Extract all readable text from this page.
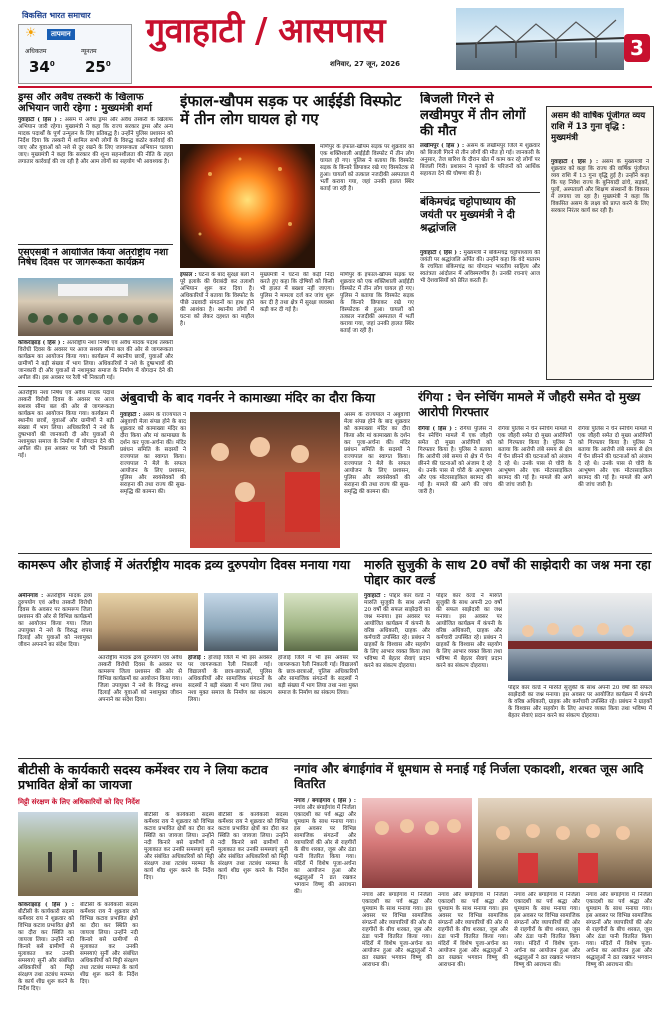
विकसित भारत समाचार
☀	तापमान
अधिकतम	न्यूनतम
$34^0$ $25^0$
गुवाहाटी / आसपास
शनिवार, 27 जून, 2026
3
ड्रग्स और अवैध तस्करी के खिलाफ अभियान जारी रहेगा : मुख्यमंत्री शर्मा
गुवाहाटी ( हिंस ) : असम में अवैध ड्रग्स और अवैध तस्करी के खिलाफ अभियान जारी रहेगा। मुख्यमंत्री ने कहा कि राज्य सरकार ड्रग्स और अन्य मादक पदार्थों के पूर्ण उन्मूलन के लिए प्रतिबद्ध है। उन्होंने पुलिस प्रशासन को निर्देश दिया कि तस्करी में शामिल सभी लोगों के विरुद्ध कठोर कार्रवाई की जाए और युवाओं को नशे से दूर रखने के लिए जागरूकता अभियान चलाया जाए। मुख्यमंत्री ने कहा कि सरकार की शून्य सहनशीलता की नीति के तहत लगातार कार्रवाई की जा रही है और आम लोगों का सहयोग भी आवश्यक है।
एसएसबी ने आयोजित किया अंतर्राष्ट्रीय नशा निषेध दिवस पर जागरूकता कार्यक्रम
कोकराझाड़ ( हिंस ) : अंतर्राष्ट्रीय नशा निषेध एवं अवैध मादक पदार्थ तस्करी विरोधी दिवस के अवसर पर आज सशस्त्र सीमा बल की ओर से जागरूकता कार्यक्रम का आयोजन किया गया। कार्यक्रम में स्थानीय छात्रों, युवाओं और ग्रामीणों ने बड़ी संख्या में भाग लिया। अधिकारियों ने नशे के दुष्प्रभावों की जानकारी दी और युवाओं से नशामुक्त समाज के निर्माण में योगदान देने की अपील की। इस अवसर पर रैली भी निकाली गई।
इंफाल-खौपम सड़क पर आईईडी विस्फोट में तीन लोग घायल हो गए
मणिपुर के इंफाल-खौपम सड़क पर शुक्रवार को एक शक्तिशाली आईईडी विस्फोट में तीन लोग घायल हो गए। पुलिस ने बताया कि विस्फोट सड़क के किनारे छिपाकर रखे गए विस्फोटक से हुआ। घायलों को तत्काल नजदीकी अस्पताल में भर्ती कराया गया, जहां उनकी हालत स्थिर बताई जा रही है।
इंफाल : घटना के बाद सुरक्षा बलों ने पूरे इलाके की घेराबंदी कर तलाशी अभियान शुरू कर दिया है। अधिकारियों ने बताया कि विस्फोट के पीछे उग्रवादी संगठनों का हाथ होने की आशंका है। स्थानीय लोगों में घटना को लेकर दहशत का माहौल है।
मुख्यमंत्री ने घटना की कड़ी निंदा करते हुए कहा कि दोषियों को किसी भी हालत में बख्शा नहीं जाएगा। पुलिस ने मामला दर्ज कर जांच शुरू कर दी है तथा क्षेत्र में सुरक्षा व्यवस्था कड़ी कर दी गई है।
मणिपुर के इंफाल-खौपम सड़क पर शुक्रवार को एक शक्तिशाली आईईडी विस्फोट में तीन लोग घायल हो गए। पुलिस ने बताया कि विस्फोट सड़क के किनारे छिपाकर रखे गए विस्फोटक से हुआ। घायलों को तत्काल नजदीकी अस्पताल में भर्ती कराया गया, जहां उनकी हालत स्थिर बताई जा रही है।
बिजली गिरने से लखीमपुर में तीन लोगों की मौत
लखीमपुर ( हिंस ) : असम के लखीमपुर जिले में शुक्रवार को बिजली गिरने से तीन लोगों की मौत हो गई। जानकारी के अनुसार, तेज बारिश के दौरान खेत में काम कर रहे लोगों पर बिजली गिरी। प्रशासन ने मृतकों के परिजनों को आर्थिक सहायता देने की घोषणा की है।
बंकिमचंद्र चट्टोपाध्याय की जयंती पर मुख्यमंत्री ने दी श्रद्धांजलि
गुवाहाटी ( हिंस ) : मुख्यमंत्री ने बंकिमचंद्र चट्टोपाध्याय की जयंती पर श्रद्धांजलि अर्पित की। उन्होंने कहा कि वंदे मातरम के रचयिता बंकिमचंद्र का योगदान भारतीय साहित्य और स्वतंत्रता आंदोलन में अविस्मरणीय है। उनकी रचनाएं आज भी देशवासियों को प्रेरित करती हैं।
असम की वार्षिक पूंजीगत व्यय राशि में 13 गुना वृद्धि : मुख्यमंत्री
गुवाहाटी ( हिंस ) : असम के मुख्यमंत्री ने शुक्रवार को कहा कि राज्य की वार्षिक पूंजीगत व्यय राशि में 13 गुना वृद्धि हुई है। उन्होंने कहा कि यह निवेश राज्य के बुनियादी ढांचे, सड़कों, पुलों, अस्पतालों और शिक्षण संस्थानों के विकास में लगाया जा रहा है। मुख्यमंत्री ने कहा कि विकसित असम के लक्ष्य को प्राप्त करने के लिए सरकार निरंतर कार्य कर रही है।
अंतर्राष्ट्रीय नशा निषेध एवं अवैध मादक पदार्थ तस्करी विरोधी दिवस के अवसर पर आज सशस्त्र सीमा बल की ओर से जागरूकता कार्यक्रम का आयोजन किया गया। कार्यक्रम में स्थानीय छात्रों, युवाओं और ग्रामीणों ने बड़ी संख्या में भाग लिया। अधिकारियों ने नशे के दुष्प्रभावों की जानकारी दी और युवाओं से नशामुक्त समाज के निर्माण में योगदान देने की अपील की। इस अवसर पर रैली भी निकाली गई।
अंबुवाची के बाद गवर्नर ने कामाख्या मंदिर का दौरा किया
गुवाहाटी : असम के राज्यपाल ने अंबुवाची मेला संपन्न होने के बाद शुक्रवार को कामाख्या मंदिर का दौरा किया और मां कामाख्या के दर्शन कर पूजा-अर्चना की। मंदिर प्रबंधन समिति के सदस्यों ने राज्यपाल का स्वागत किया। राज्यपाल ने मेले के सफल आयोजन के लिए प्रशासन, पुलिस और स्वयंसेवकों की सराहना की तथा राज्य की सुख-समृद्धि की कामना की।
असम के राज्यपाल ने अंबुवाची मेला संपन्न होने के बाद शुक्रवार को कामाख्या मंदिर का दौरा किया और मां कामाख्या के दर्शन कर पूजा-अर्चना की। मंदिर प्रबंधन समिति के सदस्यों ने राज्यपाल का स्वागत किया। राज्यपाल ने मेले के सफल आयोजन के लिए प्रशासन, पुलिस और स्वयंसेवकों की सराहना की तथा राज्य की सुख-समृद्धि की कामना की।
रंगिया : चेन स्नेचिंग मामले में जौहरी समेत दो मुख्य आरोपी गिरफ्तार
रंगिया ( हिंस ) : रंगिया पुलिस ने चेन स्नेचिंग मामले में एक जौहरी समेत दो मुख्य आरोपियों को गिरफ्तार किया है। पुलिस ने बताया कि आरोपी लंबे समय से क्षेत्र में चेन छीनने की घटनाओं को अंजाम दे रहे थे। उनके पास से चोरी के आभूषण और एक मोटरसाइकिल बरामद की गई है। मामले की आगे की जांच जारी है।
रंगिया पुलिस ने चेन स्नेचिंग मामले में एक जौहरी समेत दो मुख्य आरोपियों को गिरफ्तार किया है। पुलिस ने बताया कि आरोपी लंबे समय से क्षेत्र में चेन छीनने की घटनाओं को अंजाम दे रहे थे। उनके पास से चोरी के आभूषण और एक मोटरसाइकिल बरामद की गई है। मामले की आगे की जांच जारी है।
रंगिया पुलिस ने चेन स्नेचिंग मामले में एक जौहरी समेत दो मुख्य आरोपियों को गिरफ्तार किया है। पुलिस ने बताया कि आरोपी लंबे समय से क्षेत्र में चेन छीनने की घटनाओं को अंजाम दे रहे थे। उनके पास से चोरी के आभूषण और एक मोटरसाइकिल बरामद की गई है। मामले की आगे की जांच जारी है।
कामरूप और होजाई में अंतर्राष्ट्रीय मादक द्रव्य दुरुपयोग दिवस मनाया गया
अमीनगांव : अंतर्राष्ट्रीय मादक द्रव्य दुरुपयोग एवं अवैध तस्करी विरोधी दिवस के अवसर पर कामरूप जिला प्रशासन की ओर से विभिन्न कार्यक्रमों का आयोजन किया गया। जिला उपायुक्त ने नशे के विरुद्ध शपथ दिलाई और युवाओं को नशामुक्त जीवन अपनाने का संदेश दिया।
अंतर्राष्ट्रीय मादक द्रव्य दुरुपयोग एवं अवैध तस्करी विरोधी दिवस के अवसर पर कामरूप जिला प्रशासन की ओर से विभिन्न कार्यक्रमों का आयोजन किया गया। जिला उपायुक्त ने नशे के विरुद्ध शपथ दिलाई और युवाओं को नशामुक्त जीवन अपनाने का संदेश दिया।
होजाई : होजाई जिले में भी इस अवसर पर जागरूकता रैली निकाली गई। विद्यालयों के छात्र-छात्राओं, पुलिस अधिकारियों और सामाजिक संगठनों के सदस्यों ने बड़ी संख्या में भाग लिया तथा नशा मुक्त समाज के निर्माण का संकल्प लिया।
होजाई जिले में भी इस अवसर पर जागरूकता रैली निकाली गई। विद्यालयों के छात्र-छात्राओं, पुलिस अधिकारियों और सामाजिक संगठनों के सदस्यों ने बड़ी संख्या में भाग लिया तथा नशा मुक्त समाज के निर्माण का संकल्प लिया।
मारुति सुजुकी के साथ 20 वर्षों की साझेदारी का जश्न मना रहा पोद्दार कार वर्ल्ड
गुवाहाटी : पोद्दार कार वर्ल्ड ने मारुति सुजुकी के साथ अपनी 20 वर्षों की सफल साझेदारी का जश्न मनाया। इस अवसर पर आयोजित कार्यक्रम में कंपनी के वरिष्ठ अधिकारी, ग्राहक और कर्मचारी उपस्थित रहे। प्रबंधन ने ग्राहकों के विश्वास और सहयोग के लिए आभार व्यक्त किया तथा भविष्य में बेहतर सेवाएं प्रदान करने का संकल्प दोहराया।
पोद्दार कार वर्ल्ड ने मारुति सुजुकी के साथ अपनी 20 वर्षों की सफल साझेदारी का जश्न मनाया। इस अवसर पर आयोजित कार्यक्रम में कंपनी के वरिष्ठ अधिकारी, ग्राहक और कर्मचारी उपस्थित रहे। प्रबंधन ने ग्राहकों के विश्वास और सहयोग के लिए आभार व्यक्त किया तथा भविष्य में बेहतर सेवाएं प्रदान करने का संकल्प दोहराया।
पोद्दार कार वर्ल्ड ने मारुति सुजुकी के साथ अपनी 20 वर्षों की सफल साझेदारी का जश्न मनाया। इस अवसर पर आयोजित कार्यक्रम में कंपनी के वरिष्ठ अधिकारी, ग्राहक और कर्मचारी उपस्थित रहे। प्रबंधन ने ग्राहकों के विश्वास और सहयोग के लिए आभार व्यक्त किया तथा भविष्य में बेहतर सेवाएं प्रदान करने का संकल्प दोहराया।
बीटीसी के कार्यकारी सदस्य कर्मेश्वर राय ने लिया कटाव प्रभावित क्षेत्रों का जायजा
मिट्टी संरक्षण के लिए अधिकारियों को दिए निर्देश
बीटीसी के कार्यकारी सदस्य कर्मेश्वर राय ने शुक्रवार को विभिन्न कटाव प्रभावित क्षेत्रों का दौरा कर स्थिति का जायजा लिया। उन्होंने नदी किनारे बसे ग्रामीणों से मुलाकात कर उनकी समस्याएं सुनीं और संबंधित अधिकारियों को मिट्टी संरक्षण तथा तटबंध मरम्मत के कार्य शीघ्र शुरू करने के निर्देश दिए।
बीटीसी के कार्यकारी सदस्य कर्मेश्वर राय ने शुक्रवार को विभिन्न कटाव प्रभावित क्षेत्रों का दौरा कर स्थिति का जायजा लिया। उन्होंने नदी किनारे बसे ग्रामीणों से मुलाकात कर उनकी समस्याएं सुनीं और संबंधित अधिकारियों को मिट्टी संरक्षण तथा तटबंध मरम्मत के कार्य शीघ्र शुरू करने के निर्देश दिए।
कोकराझाड़ ( हिंस ) : बीटीसी के कार्यकारी सदस्य कर्मेश्वर राय ने शुक्रवार को विभिन्न कटाव प्रभावित क्षेत्रों का दौरा कर स्थिति का जायजा लिया। उन्होंने नदी किनारे बसे ग्रामीणों से मुलाकात कर उनकी समस्याएं सुनीं और संबंधित अधिकारियों को मिट्टी संरक्षण तथा तटबंध मरम्मत के कार्य शीघ्र शुरू करने के निर्देश दिए।
बीटीसी के कार्यकारी सदस्य कर्मेश्वर राय ने शुक्रवार को विभिन्न कटाव प्रभावित क्षेत्रों का दौरा कर स्थिति का जायजा लिया। उन्होंने नदी किनारे बसे ग्रामीणों से मुलाकात कर उनकी समस्याएं सुनीं और संबंधित अधिकारियों को मिट्टी संरक्षण तथा तटबंध मरम्मत के कार्य शीघ्र शुरू करने के निर्देश दिए।
नगांव और बंगाईगांव में धूमधाम से मनाई गई निर्जला एकादशी, शरबत जूस आदि वितरित
नगांव / बंगाईगांव ( हिंस ) : नगांव और बंगाईगांव में निर्जला एकादशी का पर्व श्रद्धा और धूमधाम के साथ मनाया गया। इस अवसर पर विभिन्न सामाजिक संगठनों और व्यापारियों की ओर से राहगीरों के बीच शरबत, जूस और ठंडा पानी वितरित किया गया। मंदिरों में विशेष पूजा-अर्चना का आयोजन हुआ और श्रद्धालुओं ने व्रत रखकर भगवान विष्णु की आराधना की।	नगांव और बंगाईगांव में निर्जला एकादशी का पर्व श्रद्धा और धूमधाम के साथ मनाया गया। इस अवसर पर विभिन्न सामाजिक संगठनों और व्यापारियों की ओर से राहगीरों के बीच शरबत, जूस और ठंडा पानी वितरित किया गया। मंदिरों में विशेष पूजा-अर्चना का आयोजन हुआ और श्रद्धालुओं ने व्रत रखकर भगवान विष्णु की आराधना की।
नगांव और बंगाईगांव में निर्जला एकादशी का पर्व श्रद्धा और धूमधाम के साथ मनाया गया। इस अवसर पर विभिन्न सामाजिक संगठनों और व्यापारियों की ओर से राहगीरों के बीच शरबत, जूस और ठंडा पानी वितरित किया गया। मंदिरों में विशेष पूजा-अर्चना का आयोजन हुआ और श्रद्धालुओं ने व्रत रखकर भगवान विष्णु की आराधना की।
नगांव और बंगाईगांव में निर्जला एकादशी का पर्व श्रद्धा और धूमधाम के साथ मनाया गया। इस अवसर पर विभिन्न सामाजिक संगठनों और व्यापारियों की ओर से राहगीरों के बीच शरबत, जूस और ठंडा पानी वितरित किया गया। मंदिरों में विशेष पूजा-अर्चना का आयोजन हुआ और श्रद्धालुओं ने व्रत रखकर भगवान विष्णु की आराधना की।
नगांव और बंगाईगांव में निर्जला एकादशी का पर्व श्रद्धा और धूमधाम के साथ मनाया गया। इस अवसर पर विभिन्न सामाजिक संगठनों और व्यापारियों की ओर से राहगीरों के बीच शरबत, जूस और ठंडा पानी वितरित किया गया। मंदिरों में विशेष पूजा-अर्चना का आयोजन हुआ और श्रद्धालुओं ने व्रत रखकर भगवान विष्णु की आराधना की।
